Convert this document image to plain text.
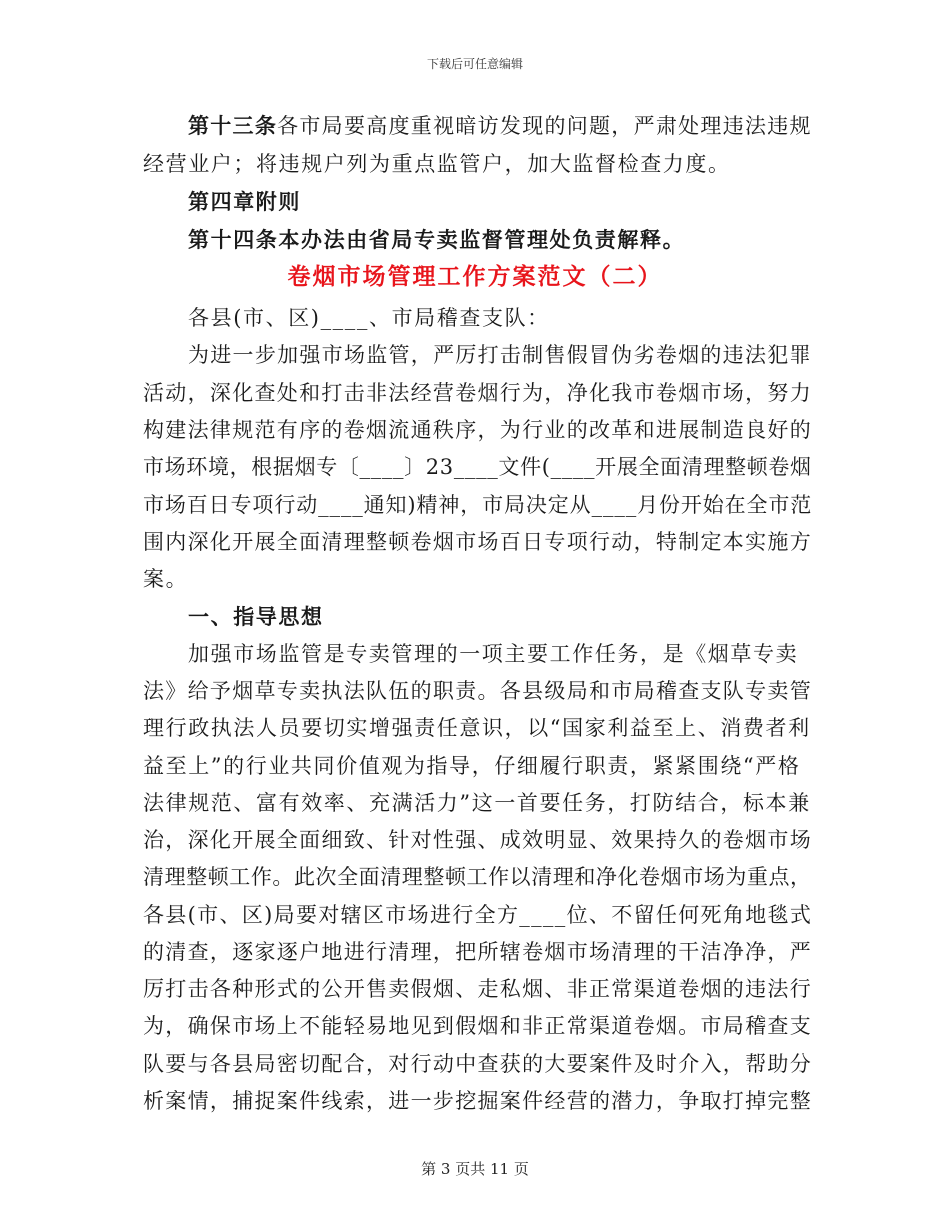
下载后可任意编辑
第十三条各市局要高度重视暗访发现的问题，严肃处理违法违规
经营业户；将违规户列为重点监管户，加大监督检查力度。
第四章附则
第十四条本办法由省局专卖监督管理处负责解释。
卷烟市场管理工作方案范文（二）
各县(市、区)____、市局稽查支队：
为进一步加强市场监管，严厉打击制售假冒伪劣卷烟的违法犯罪
活动，深化查处和打击非法经营卷烟行为，净化我市卷烟市场，努力
构建法律规范有序的卷烟流通秩序，为行业的改革和进展制造良好的
市场环境，根据烟专〔____〕23____文件(____开展全面清理整顿卷烟
市场百日专项行动____通知)精神，市局决定从____月份开始在全市范
围内深化开展全面清理整顿卷烟市场百日专项行动，特制定本实施方
案。
一、指导思想
加强市场监管是专卖管理的一项主要工作任务，是《烟草专卖
法》给予烟草专卖执法队伍的职责。各县级局和市局稽查支队专卖管
理行政执法人员要切实增强责任意识，以“国家利益至上、消费者利
益至上”的行业共同价值观为指导，仔细履行职责，紧紧围绕“严格
法律规范、富有效率、充满活力”这一首要任务，打防结合，标本兼
治，深化开展全面细致、针对性强、成效明显、效果持久的卷烟市场
清理整顿工作。此次全面清理整顿工作以清理和净化卷烟市场为重点，
各县(市、区)局要对辖区市场进行全方____位、不留任何死角地毯式
的清查，逐家逐户地进行清理，把所辖卷烟市场清理的干洁净净，严
厉打击各种形式的公开售卖假烟、走私烟、非正常渠道卷烟的违法行
为，确保市场上不能轻易地见到假烟和非正常渠道卷烟。市局稽查支
队要与各县局密切配合，对行动中查获的大要案件及时介入，帮助分
析案情，捕捉案件线索，进一步挖掘案件经营的潜力，争取打掉完整
第 3 页共 11 页
